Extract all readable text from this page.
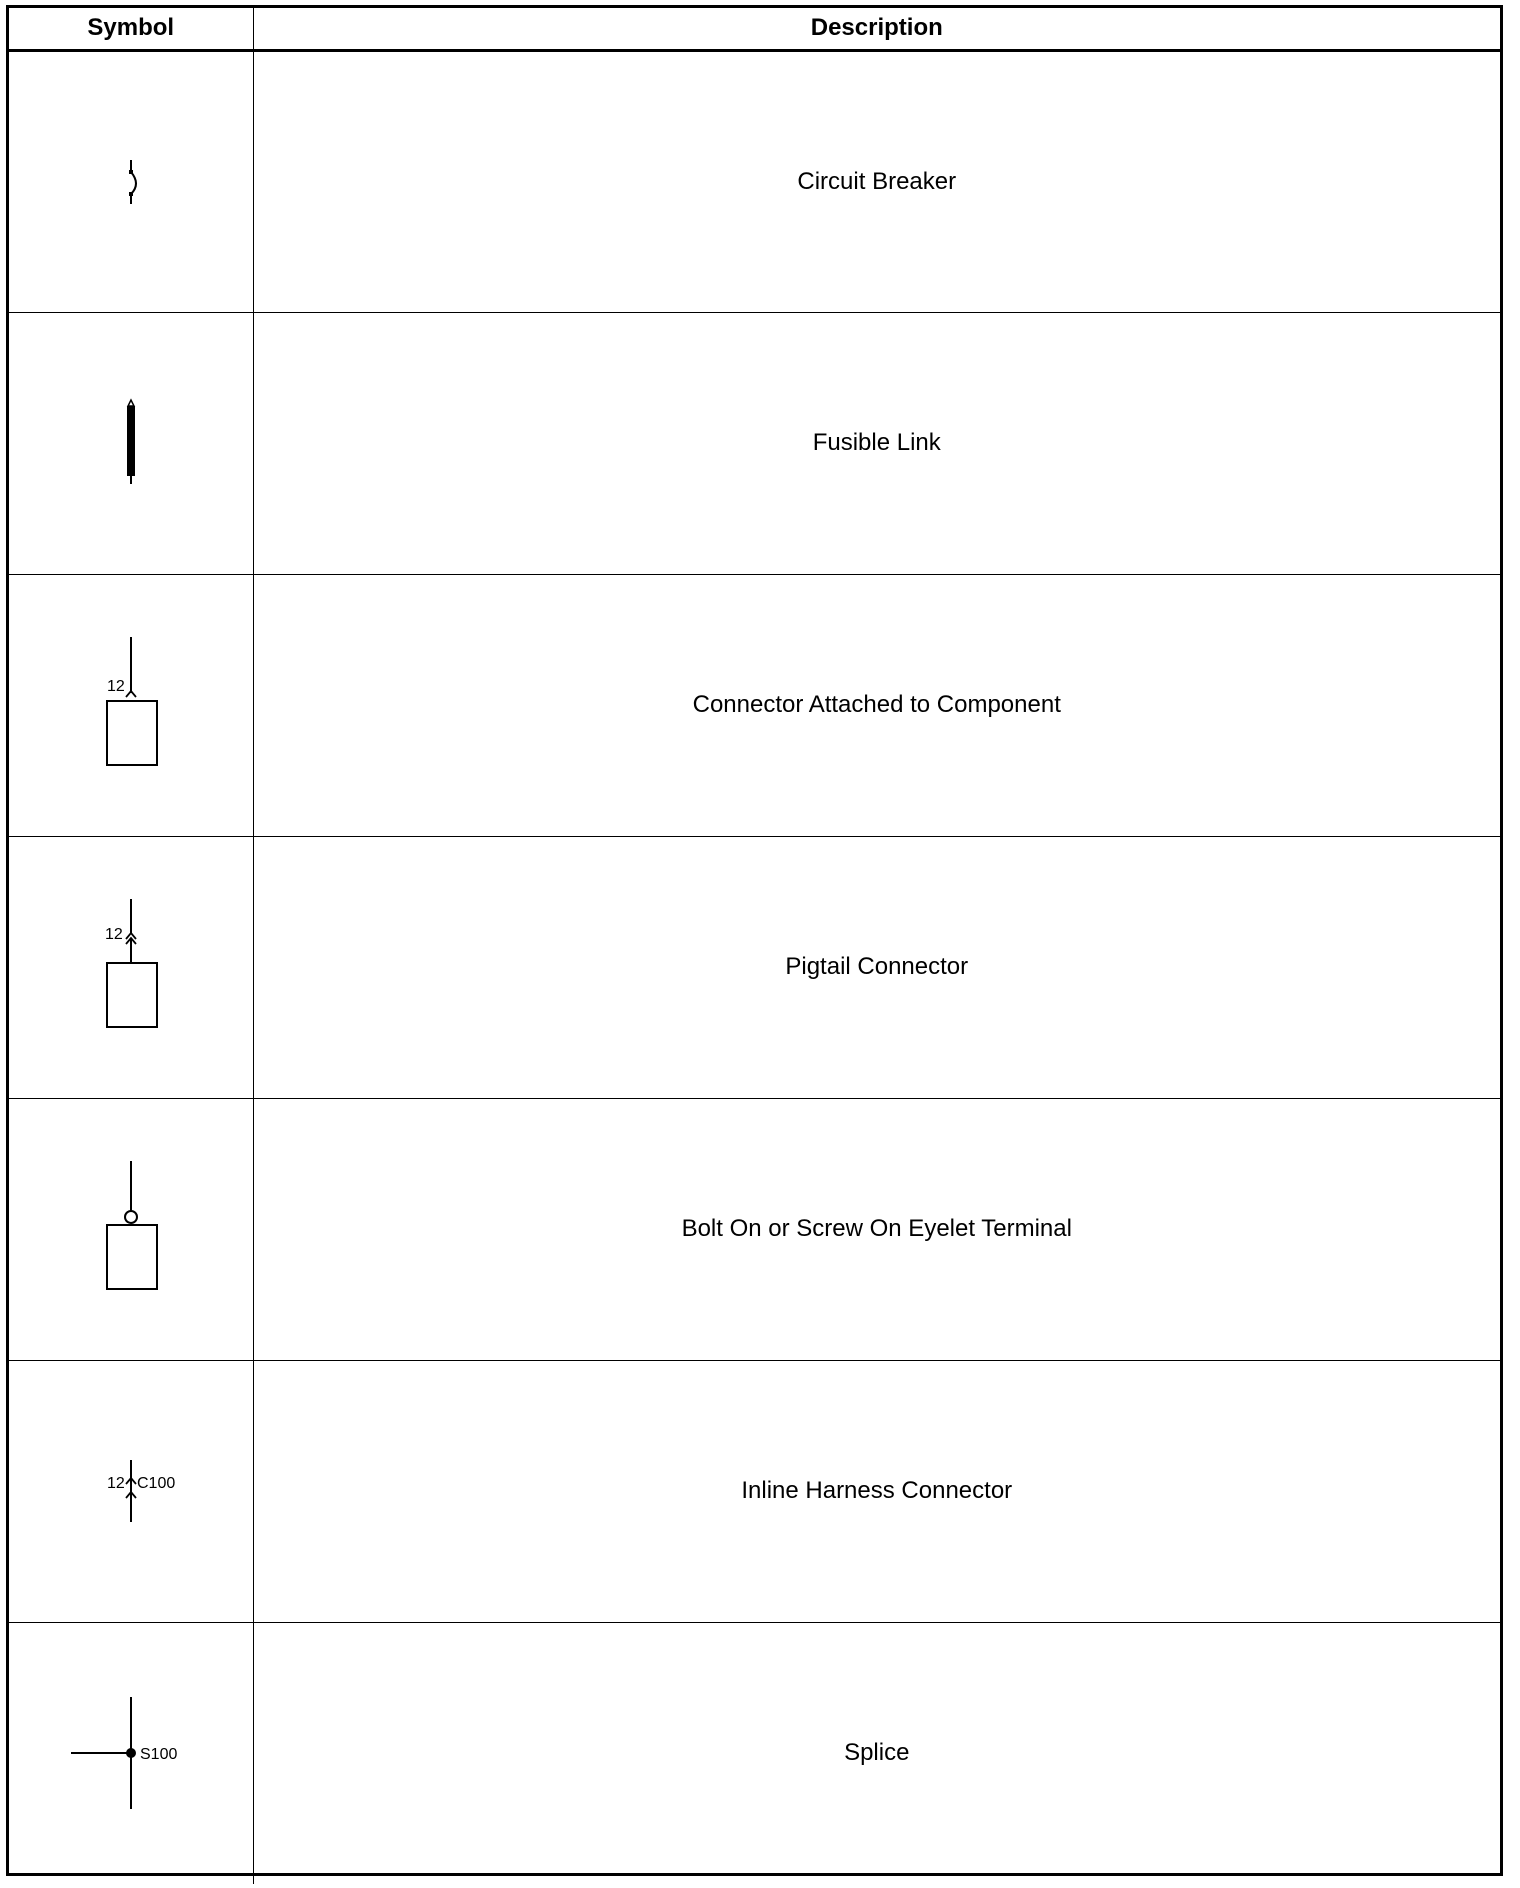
Symbol	Description

	Circuit Breaker

	Fusible Link

12	Connector Attached to Component

12	Pigtail Connector

	Bolt On or Screw On Eyelet Terminal

12 C100	Inline Harness Connector

S100	Splice
